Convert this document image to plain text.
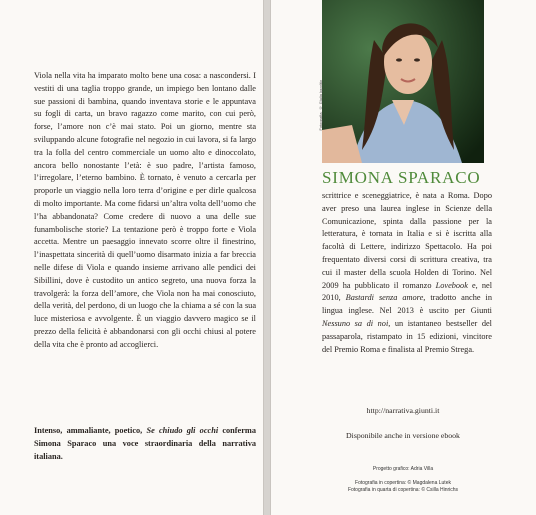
Viola nella vita ha imparato molto bene una cosa: a nascondersi. I vestiti di una taglia troppo grande, un impiego ben lontano dalle sue passioni di bambina, quando inventava storie e le appuntava su fogli di carta, un bravo ragazzo come marito, con cui però, forse, l’amore non c’è mai stato. Poi un giorno, mentre sta sviluppando alcune fotografie nel negozio in cui lavora, si fa largo tra la folla del centro commerciale un uomo alto e dinoccolato, ancora bello nonostante l’età: è suo padre, l’artista famoso, l’irregolare, l’eterno bambino. È tornato, è venuto a cercarla per proporle un viaggio nella loro terra d’origine e per dirle qualcosa di molto importante. Ma come fidarsi un’altra volta dell’uomo che l’ha abbandonata? Come credere di nuovo a una delle sue funambolische storie? La tentazione però è troppo forte e Viola accetta. Mentre un paesaggio innevato scorre oltre il finestrino, l’inaspettata sincerità di quell’uomo disarmato inizia a far breccia nelle difese di Viola e quando insieme arrivano alle pendici dei Sibillini, dove è custodito un antico segreto, una nuova forza la travolgerà: la forza dell’amore, che Viola non ha mai conosciuto, della verità, del perdono, di un luogo che la chiama a sé con la sua luce misteriosa e avvolgente. È un viaggio davvero magico se il prezzo della felicità è abbandonarsi con gli occhi chiusi al potere della vita che è pronto ad accoglierci.

Intenso, ammaliante, poetico, Se chiudo gli occhi conferma Simona Sparaco una voce straordinaria della narrativa italiana.
Fotografia: © Giulia Ippolito
SIMONA SPARACO
scrittrice e sceneggiatrice, è nata a Roma. Dopo aver preso una laurea inglese in Scienze della Comunicazione, spinta dalla passione per la letteratura, è tornata in Italia e si è iscritta alla facoltà di Lettere, indirizzo Spettacolo. Ha poi frequentato diversi corsi di scrittura creativa, tra cui il master della scuola Holden di Torino. Nel 2009 ha pubblicato il romanzo Lovebook e, nel 2010, Bastardi senza amore, tradotto anche in lingua inglese. Nel 2013 è uscito per Giunti Nessuno sa di noi, un istantaneo bestseller del passaparola, ristampato in 15 edizioni, vincitore del Premio Roma e finalista al Premio Strega.
http://narrativa.giunti.it
Disponibile anche in versione ebook
Progetto grafico: Adria Villa
Fotografia in copertina: © Magdalena Lutek
Fotografia in quarta di copertina: © Csilla Hinrichs
